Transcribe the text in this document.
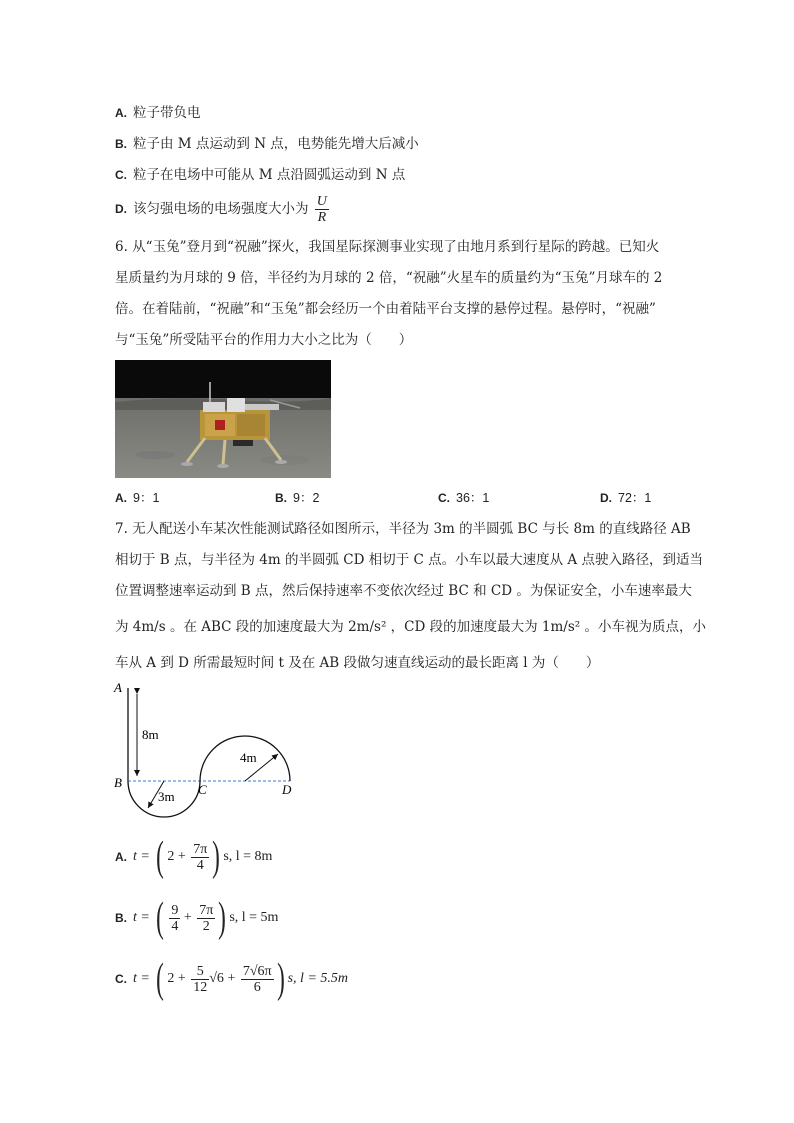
A. 粒子带负电
B. 粒子由 M 点运动到 N 点，电势能先增大后减小
C. 粒子在电场中可能从 M 点沿圆弧运动到 N 点
D. 该匀强电场的电场强度大小为 $\frac{U}{R}$
6. 从“玉兔”登月到“祝融”探火，我国星际探测事业实现了由地月系到行星际的跨越。已知火
星质量约为月球的 9 倍，半径约为月球的 2 倍，“祝融”火星车的质量约为“玉兔”月球车的 2
倍。在着陆前，“祝融”和“玉兔”都会经历一个由着陆平台支撑的悬停过程。悬停时，“祝融”
与“玉兔”所受陆平台的作用力大小之比为（　　）
A. 9：1	B. 9：2	C. 36：1	D. 72：1
7. 无人配送小车某次性能测试路径如图所示，半径为 3m 的半圆弧 BC 与长 8m 的直线路径 AB
相切于 B 点，与半径为 4m 的半圆弧 CD 相切于 C 点。小车以最大速度从 A 点驶入路径，到适当
位置调整速率运动到 B 点，然后保持速率不变依次经过 BC 和 CD 。为保证安全，小车速率最大
为 4m/s 。在 ABC 段的加速度最大为 2m/s² ，CD 段的加速度最大为 1m/s² 。小车视为质点，小
车从 A 到 D 所需最短时间 t 及在 AB 段做匀速直线运动的最长距离 l 为（　　）
A
8m
B
3m C
4m
D
A. t = ( $2 + \frac{7\pi}{4}$ ) s, l = 8m
B. t = ( $\frac{9}{4} + \frac{7\pi}{2}$ ) s, l = 5m
C. t = ( $2 + \frac{5}{12} √6 + \frac{7√6\pi}{6}$ ) s, l = 5.5m
